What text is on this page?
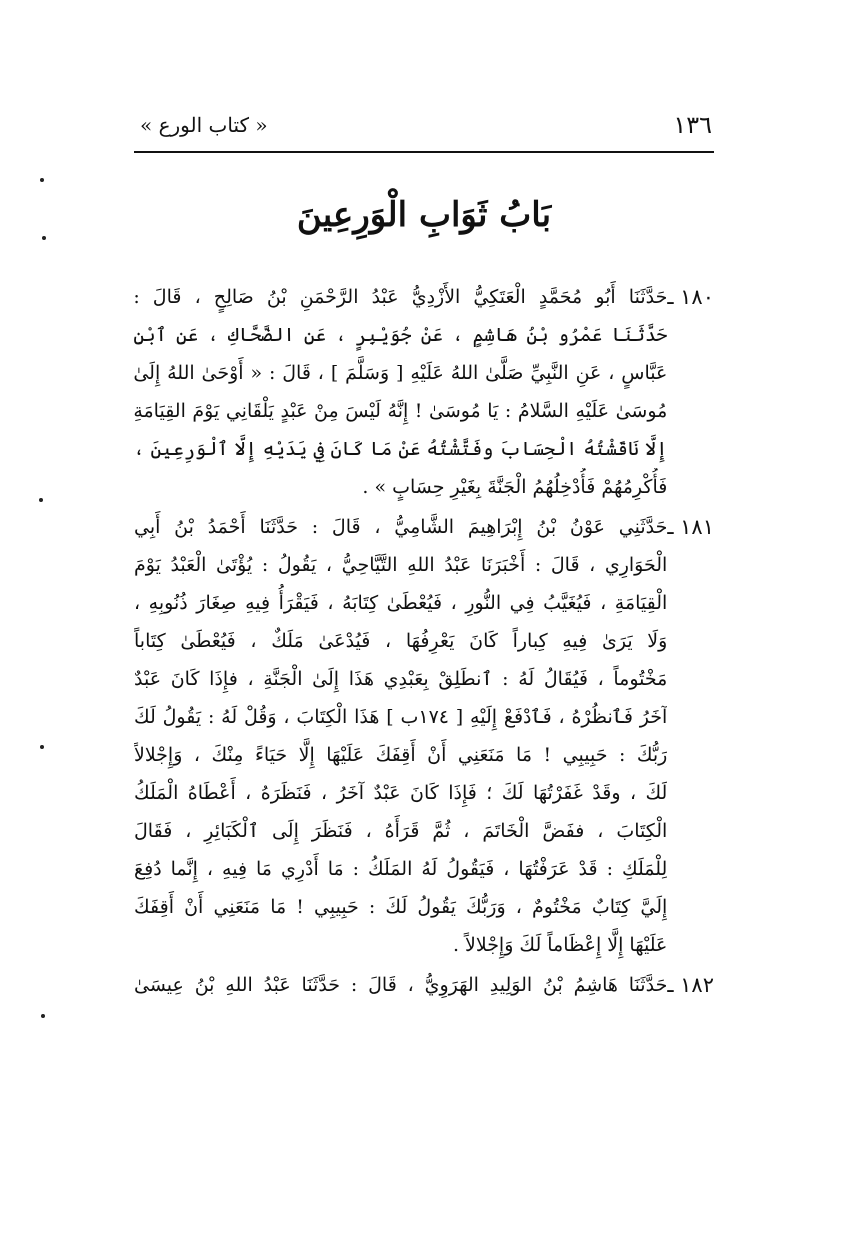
١٣٦
« كتاب الورع »
بَابُ ثَوَابِ الْوَرِعِينَ
١٨٠ ـ
حَدَّثَنَا أَبُو مُحَمَّدٍ الْعَتَكِيُّ الأَزْدِيُّ عَبْدُ الرَّحْمَنِ بْنُ صَالِحٍ ، قَالَ :
حَدَّثَنَا عَمْرُو بْنُ هَاشِمٍ ، عَنْ جُوَيْبِرٍ ، عَنِ الضَّحَّاكِ ، عَنِ ٱبْنِ
عَبَّاسٍ ، عَنِ النَّبِيِّ صَلَّىٰ اللهُ عَلَيْهِ [ وَسَلَّمَ ] ، قَالَ : « أَوْحَىٰ اللهُ إِلَىٰ
مُوسَىٰ عَلَيْهِ السَّلامُ : يَا مُوسَىٰ ! إِنَّهُ لَيْسَ مِنْ عَبْدٍ يَلْقَانِي يَوْمَ القِيَامَةِ
إِلَّا نَاقَشْتُهُ الْحِسَابَ وفَتَّشْتُهُ عَنْ مَا كَانَ فِي يَدَيْهِ إِلَّا ٱلْوَرِعِينَ ،
فَأُكْرِمُهُمْ فَأُدْخِلُهُمُ الْجَنَّةَ بِغَيْرِ حِسَابٍ » .
١٨١ ـ
حَدَّثَنِي عَوْنُ بْنُ إِبْرَاهِيمَ الشَّامِيُّ ، قَالَ : حَدَّثَنَا أَحْمَدُ بْنُ أَبِي
الْحَوَارِي ، قَالَ : أَخْبَرَنَا عَبْدُ اللهِ التَّيَّاحِيُّ ، يَقُولُ : يُؤْتَىٰ الْعَبْدُ يَوْمَ
الْقِيَامَةِ ، فَيُغَيَّبُ فِي النُّورِ ، فَيُعْطَىٰ كِتَابَهُ ، فَيَقْرَأُ فِيهِ صِغَارَ ذُنُوبِهِ ،
وَلَا يَرَىٰ فِيهِ كِباراً كَانَ يَعْرِفُهَا ، فَيُدْعَىٰ مَلَكٌ ، فَيُعْطَىٰ كِتَاباً
مَخْتُوماً ، فَيُقَالُ لَهُ : ٱنطَلِقْ بِعَبْدِي هَذَا إِلَىٰ الْجَنَّةِ ، فإِذَا كَانَ عَبْدٌ
آخَرُ فَٱنظُرْهُ ، فَٱدْفَعْ إِلَيْهِ [ ١٧٤ب ] هَذَا الْكِتَابَ ، وَقُلْ لَهُ : يَقُولُ لَكَ
رَبُّكَ : حَبِيبِي ! مَا مَنَعَنِي أَنْ أَقِفَكَ عَلَيْهَا إِلَّا حَيَاءً مِنْكَ ، وَإِجْلالاً
لَكَ ، وقَدْ غَفَرْتُهَا لَكَ ؛ فَإِذَا كَانَ عَبْدٌ آخَرُ ، فَنَظَرَهُ ، أَعْطَاهُ الْمَلَكُ
الْكِتَابَ ، ففَضَّ الْخَاتَمَ ، ثُمَّ قَرَأَهُ ، فَنَظَرَ إِلَى ٱلْكَبَائِرِ ، فَقَالَ
لِلْمَلَكِ : قَدْ عَرَفْتُهَا ، فَيَقُولُ لَهُ المَلَكُ : مَا أَدْرِي مَا فِيهِ ، إِنَّما دُفِعَ
إِلَيَّ كِتَابٌ مَخْتُومٌ ، وَرَبُّكَ يَقُولُ لَكَ : حَبِيبِي ! مَا مَنَعَنِي أَنْ أَقِفَكَ
عَلَيْهَا إِلَّا إِعْظَاماً لَكَ وَإِجْلالاً .
١٨٢ ـ
حَدَّثَنَا هَاشِمُ بْنُ الوَلِيدِ الهَرَوِيُّ ، قَالَ : حَدَّثَنَا عَبْدُ اللهِ بْنُ عِيسَىٰ
